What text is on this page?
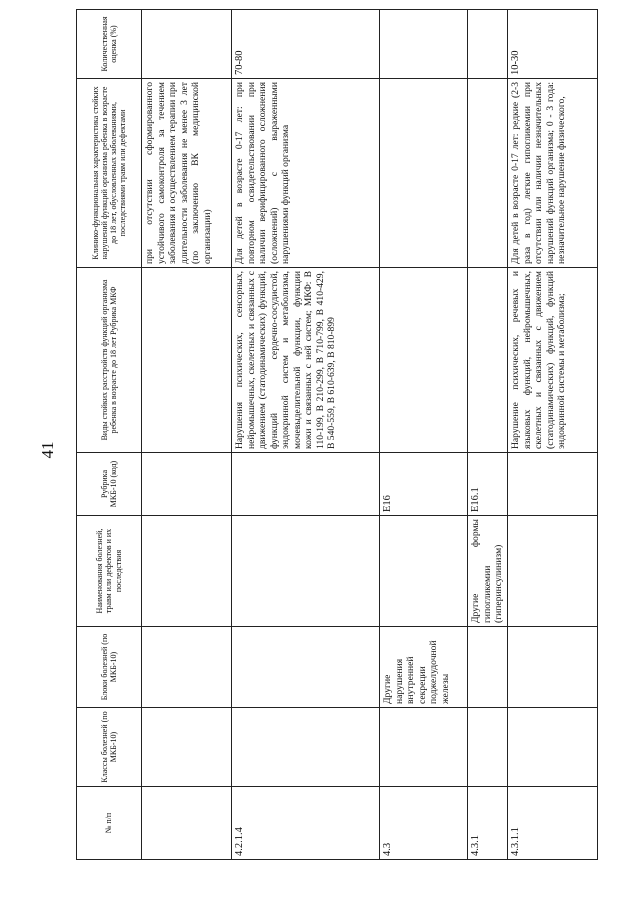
41
№ п/п	Классы болезней (по МКБ-10)	Блоки болезней (по МКБ-10)	Наименования болезней, травм или дефектов и их последствия	Рубрика МКБ-10 (код)	Виды стойких расстройств функций организма ребенка в возрасте до 18 лет Рубрика МКФ	Клинико-функциональная характеристика стойких нарушений функций организма ребенка в возрасте до 18 лет, обусловленных заболеваниями, последствиями травм или дефектами	Количественная оценка (%)
						при отсутствии сформированного устойчивого самоконтроля за течением заболевания и осуществлением терапии при длительности заболевания не менее 3 лет (по заключению ВК медицинской организации)	
4.2.1.4					Нарушения психических, сенсорных, нейромышечных, скелетных и связанных с движением (статодинамических) функций, функций сердечно-сосудистой, эндокринной систем и метаболизма, мочевыделительной функции, функции кожи и связанных с ней систем; МКФ: В 110-199, В 210-299, В 710-799, В 410-429, В 540-559, В 610-639, В 810-899	Для детей в возрасте 0-17 лет: при повторном освидетельствовании при наличии верифицированного осложнения (осложнений) с выраженными нарушениями функций организма	70-80
4.3		Другие нарушения внутренней секреции поджелудочной железы		E16			
4.3.1			Другие формы гипогликемии (гиперинсулинизм)	E16.1			
4.3.1.1					Нарушение психических, речевых и языковых функций, нейромышечных, скелетных и связанных с движением (статодинамических) функций, функций эндокринной системы и метаболизма;	Для детей в возрасте 0-17 лет: редкие (2-3 раза в год) легкие гипогликемии при отсутствии или наличии незначительных нарушений функций организма; 0 - 3 года: незначительное нарушение физического,	10-30
